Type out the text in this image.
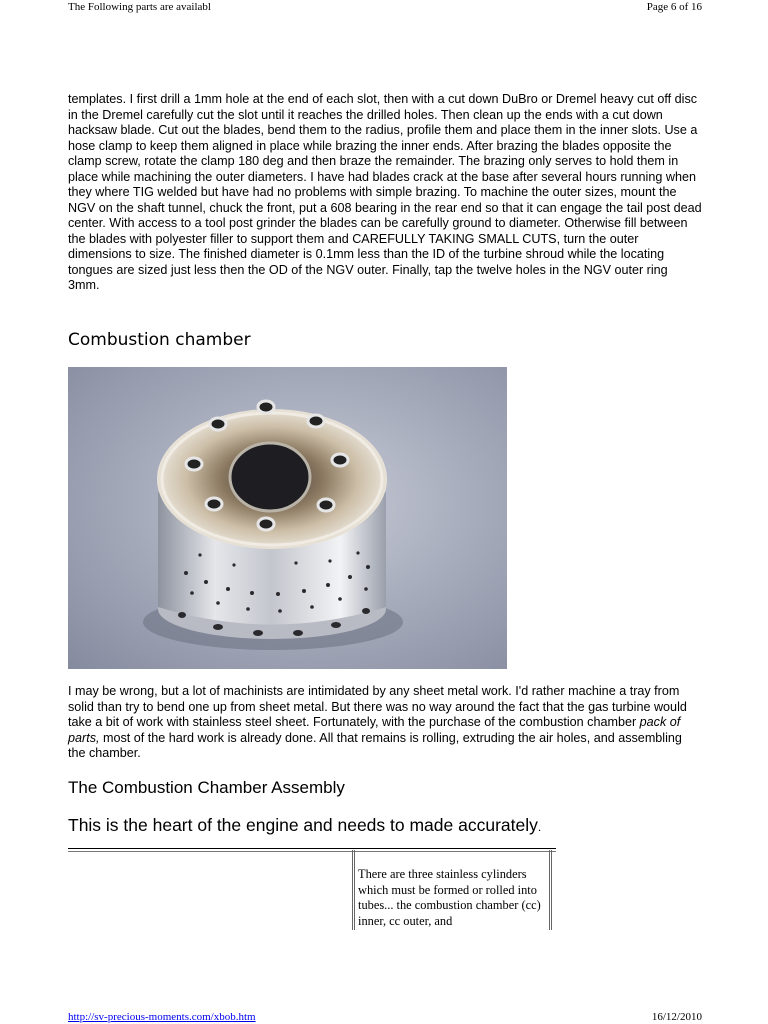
The Following parts are availabl	Page 6 of 16

templates. I first drill a 1mm hole at the end of each slot, then with a cut down DuBro or Dremel heavy cut off disc in the Dremel carefully cut the slot until it reaches the drilled holes. Then clean up the ends with a cut down hacksaw blade. Cut out the blades, bend them to the radius, profile them and place them in the inner slots. Use a hose clamp to keep them aligned in place while brazing the inner ends. After brazing the blades opposite the clamp screw, rotate the clamp 180 deg and then braze the remainder. The brazing only serves to hold them in place while machining the outer diameters. I have had blades crack at the base after several hours running when they where TIG welded but have had no problems with simple brazing. To machine the outer sizes, mount the NGV on the shaft tunnel, chuck the front, put a 608 bearing in the rear end so that it can engage the tail post dead center. With access to a tool post grinder the blades can be carefully ground to diameter. Otherwise fill between the blades with polyester filler to support them and CAREFULLY TAKING SMALL CUTS, turn the outer dimensions to size. The finished diameter is 0.1mm less than the ID of the turbine shroud while the locating tongues are sized just less then the OD of the NGV outer. Finally, tap the twelve holes in the NGV outer ring 3mm.

Combustion chamber

I may be wrong, but a lot of machinists are intimidated by any sheet metal work. I'd rather machine a tray from solid than try to bend one up from sheet metal. But there was no way around the fact that the gas turbine would take a bit of work with stainless steel sheet. Fortunately, with the purchase of the combustion chamber pack of parts, most of the hard work is already done. All that remains is rolling, extruding the air holes, and assembling the chamber.

The Combustion Chamber Assembly
This is the heart of the engine and needs to made accurately.

There are three stainless cylinders which must be formed or rolled into tubes... the combustion chamber (cc) inner, cc outer, and

http://sv-precious-moments.com/xbob.htm	16/12/2010
